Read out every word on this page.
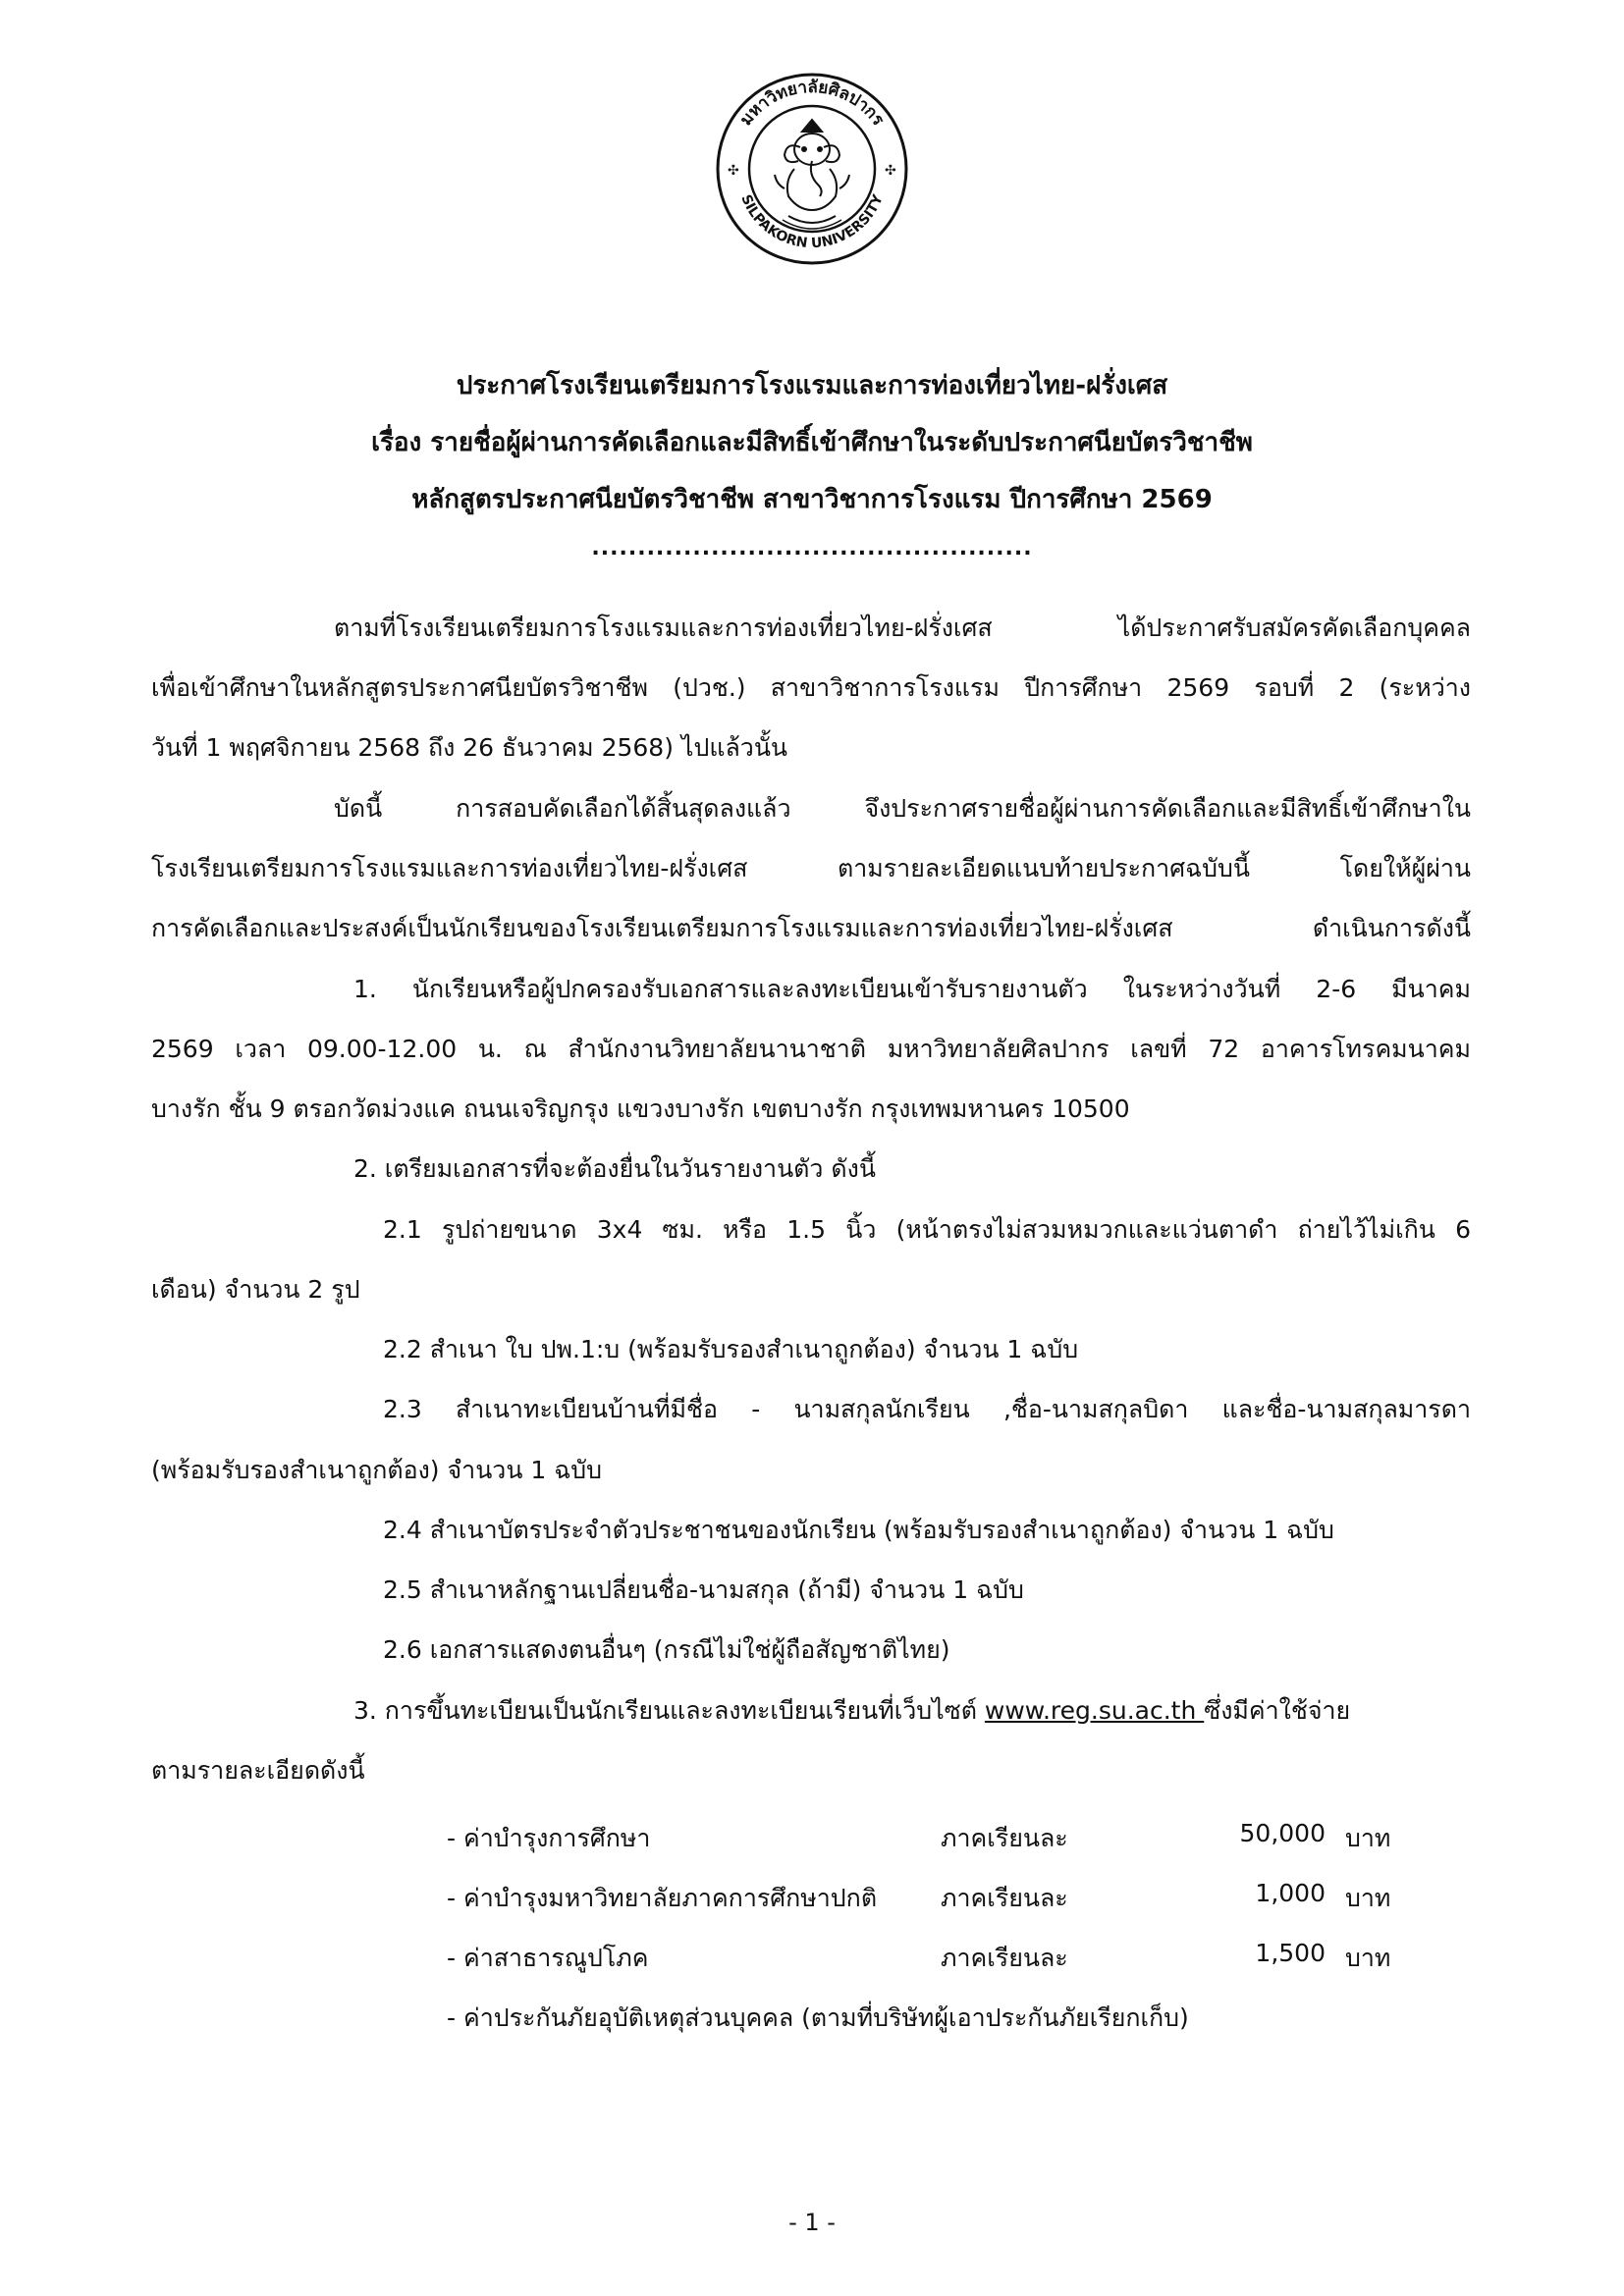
มหาวิทยาลัยศิลปากร
SILPAKORN UNIVERSITY
✣	✣
ประกาศโรงเรียนเตรียมการโรงแรมและการท่องเที่ยวไทย-ฝรั่งเศส
เรื่อง รายชื่อผู้ผ่านการคัดเลือกและมีสิทธิ์เข้าศึกษาในระดับประกาศนียบัตรวิชาชีพ
หลักสูตรประกาศนียบัตรวิชาชีพ สาขาวิชาการโรงแรม ปีการศึกษา 2569
................................................
ตามที่โรงเรียนเตรียมการโรงแรมและการท่องเที่ยวไทย-ฝรั่งเศส ได้ประกาศรับสมัครคัดเลือกบุคคล
เพื่อเข้าศึกษาในหลักสูตรประกาศนียบัตรวิชาชีพ (ปวช.) สาขาวิชาการโรงแรม ปีการศึกษา 2569 รอบที่ 2 (ระหว่าง
วันที่ 1 พฤศจิกายน 2568 ถึง 26 ธันวาคม 2568) ไปแล้วนั้น
บัดนี้ การสอบคัดเลือกได้สิ้นสุดลงแล้ว จึงประกาศรายชื่อผู้ผ่านการคัดเลือกและมีสิทธิ์เข้าศึกษาใน
โรงเรียนเตรียมการโรงแรมและการท่องเที่ยวไทย-ฝรั่งเศส ตามรายละเอียดแนบท้ายประกาศฉบับนี้ โดยให้ผู้ผ่าน
การคัดเลือกและประสงค์เป็นนักเรียนของโรงเรียนเตรียมการโรงแรมและการท่องเที่ยวไทย-ฝรั่งเศส ดำเนินการดังนี้
1. นักเรียนหรือผู้ปกครองรับเอกสารและลงทะเบียนเข้ารับรายงานตัว ในระหว่างวันที่ 2-6 มีนาคม
2569 เวลา 09.00-12.00 น. ณ สำนักงานวิทยาลัยนานาชาติ มหาวิทยาลัยศิลปากร เลขที่ 72 อาคารโทรคมนาคม
บางรัก ชั้น 9 ตรอกวัดม่วงแค ถนนเจริญกรุง แขวงบางรัก เขตบางรัก กรุงเทพมหานคร 10500
2. เตรียมเอกสารที่จะต้องยื่นในวันรายงานตัว ดังนี้
2.1 รูปถ่ายขนาด 3x4 ซม. หรือ 1.5 นิ้ว (หน้าตรงไม่สวมหมวกและแว่นตาดำ ถ่ายไว้ไม่เกิน 6
เดือน) จำนวน 2 รูป
2.2 สำเนา ใบ ปพ.1:บ (พร้อมรับรองสำเนาถูกต้อง) จำนวน 1 ฉบับ
2.3 สำเนาทะเบียนบ้านที่มีชื่อ - นามสกุลนักเรียน ,ชื่อ-นามสกุลบิดา และชื่อ-นามสกุลมารดา
(พร้อมรับรองสำเนาถูกต้อง) จำนวน 1 ฉบับ
2.4 สำเนาบัตรประจำตัวประชาชนของนักเรียน (พร้อมรับรองสำเนาถูกต้อง) จำนวน 1 ฉบับ
2.5 สำเนาหลักฐานเปลี่ยนชื่อ-นามสกุล (ถ้ามี) จำนวน 1 ฉบับ
2.6 เอกสารแสดงตนอื่นๆ (กรณีไม่ใช่ผู้ถือสัญชาติไทย)
3. การขึ้นทะเบียนเป็นนักเรียนและลงทะเบียนเรียนที่เว็บไซต์ www.reg.su.ac.th ซึ่งมีค่าใช้จ่าย
ตามรายละเอียดดังนี้
- ค่าบำรุงการศึกษา	ภาคเรียนละ	50,000 บาท
- ค่าบำรุงมหาวิทยาลัยภาคการศึกษาปกติ	ภาคเรียนละ	1,000 บาท
- ค่าสาธารณูปโภค	ภาคเรียนละ	1,500 บาท
- ค่าประกันภัยอุบัติเหตุส่วนบุคคล (ตามที่บริษัทผู้เอาประกันภัยเรียกเก็บ)
- 1 -
